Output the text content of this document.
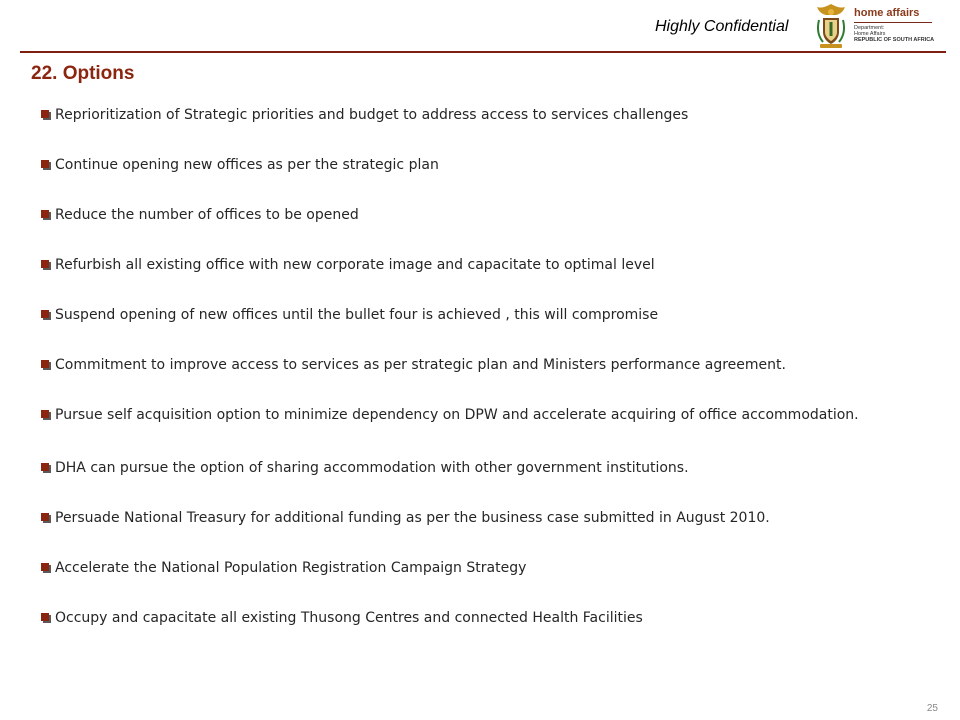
Highly Confidential
home affairs
Department:
Home Affairs
REPUBLIC OF SOUTH AFRICA
22. Options
Reprioritization of Strategic priorities and budget to address access to services challenges
Continue opening new offices as per the strategic plan
Reduce the number of offices to be opened
Refurbish all existing office with new corporate image and capacitate to optimal level
Suspend opening of new offices until the bullet four is achieved , this will compromise
Commitment to improve access to services as per strategic plan and Ministers performance agreement.
Pursue self acquisition option to minimize dependency on DPW and accelerate acquiring of office accommodation.
DHA can pursue the option of sharing accommodation with other government institutions.
Persuade National Treasury for additional funding as per the business case submitted in August 2010.
Accelerate the National Population Registration Campaign Strategy
Occupy and capacitate all existing Thusong Centres and connected Health Facilities
25
